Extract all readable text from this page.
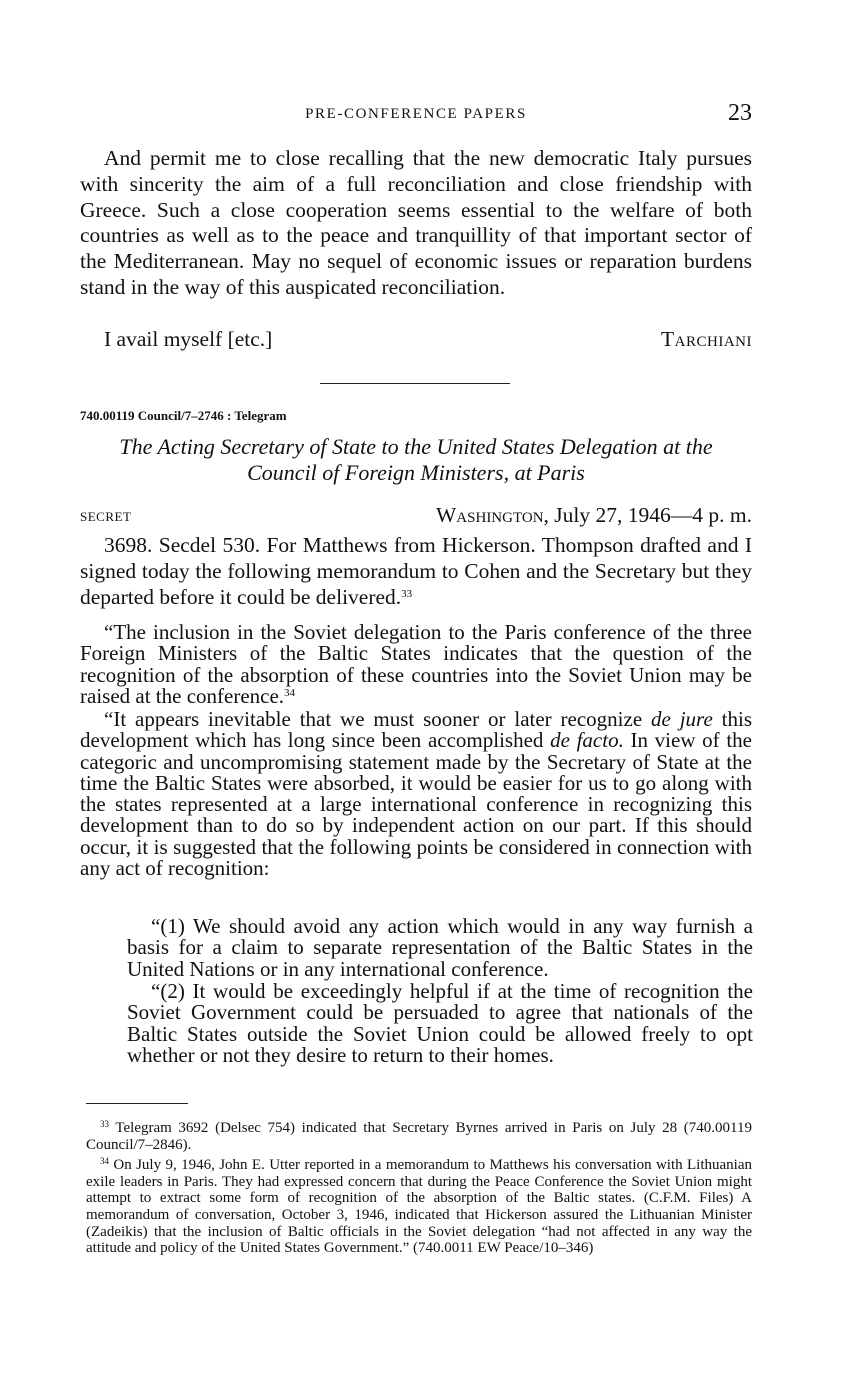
PRE-CONFERENCE PAPERS	23
And permit me to close recalling that the new democratic Italy pursues with sincerity the aim of a full reconciliation and close friendship with Greece. Such a close cooperation seems essential to the welfare of both countries as well as to the peace and tranquillity of that important sector of the Mediterranean. May no sequel of economic issues or reparation burdens stand in the way of this auspicated reconciliation.
I avail myself [etc.]	Tarchiani
740.00119 Council/7–2746 : Telegram
The Acting Secretary of State to the United States Delegation at the
Council of Foreign Ministers, at Paris
SECRET	Washington, July 27, 1946—4 p. m.
3698. Secdel 530. For Matthews from Hickerson. Thompson drafted and I signed today the following memorandum to Cohen and the Secretary but they departed before it could be delivered.$^{33}$
“The inclusion in the Soviet delegation to the Paris conference of the three Foreign Ministers of the Baltic States indicates that the question of the recognition of the absorption of these countries into the Soviet Union may be raised at the conference.$^{34}$
“It appears inevitable that we must sooner or later recognize de jure this development which has long since been accomplished de facto. In view of the categoric and uncompromising statement made by the Secretary of State at the time the Baltic States were absorbed, it would be easier for us to go along with the states represented at a large international conference in recognizing this development than to do so by independent action on our part. If this should occur, it is suggested that the following points be considered in connection with any act of recognition:
“(1) We should avoid any action which would in any way furnish a basis for a claim to separate representation of the Baltic States in the United Nations or in any international conference.
“(2) It would be exceedingly helpful if at the time of recognition the Soviet Government could be persuaded to agree that nationals of the Baltic States outside the Soviet Union could be allowed freely to opt whether or not they desire to return to their homes.

$^{33}$ Telegram 3692 (Delsec 754) indicated that Secretary Byrnes arrived in Paris on July 28 (740.00119 Council/7–2846).

$^{34}$ On July 9, 1946, John E. Utter reported in a memorandum to Matthews his conversation with Lithuanian exile leaders in Paris. They had expressed concern that during the Peace Conference the Soviet Union might attempt to extract some form of recognition of the absorption of the Baltic states. (C.F.M. Files) A memorandum of conversation, October 3, 1946, indicated that Hickerson assured the Lithuanian Minister (Zadeikis) that the inclusion of Baltic officials in the Soviet delegation “had not affected in any way the attitude and policy of the United States Government.” (740.0011 EW Peace/10–346)
